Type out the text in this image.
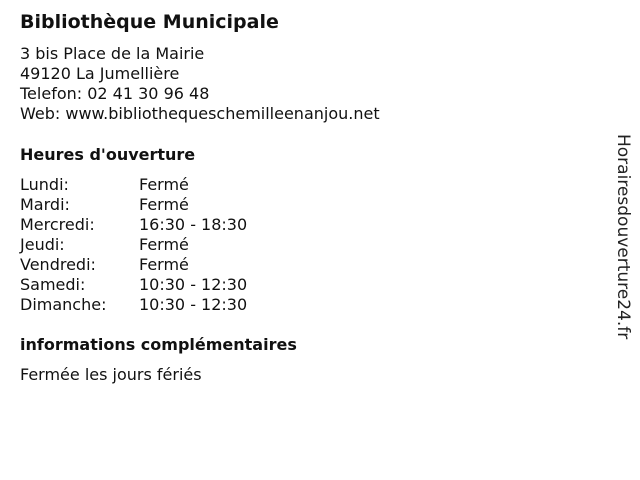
Bibliothèque Municipale
3 bis Place de la Mairie
49120 La Jumellière
Telefon: 02 41 30 96 48
Web: www.bibliothequeschemilleenanjou.net
Heures d'ouverture
Lundi:	Fermé
Mardi:	Fermé
Mercredi:	16:30 - 18:30
Jeudi:	Fermé
Vendredi:	Fermé
Samedi:	10:30 - 12:30
Dimanche: 10:30 - 12:30
informations complémentaires
Fermée les jours fériés
Horairesdouverture24.fr
